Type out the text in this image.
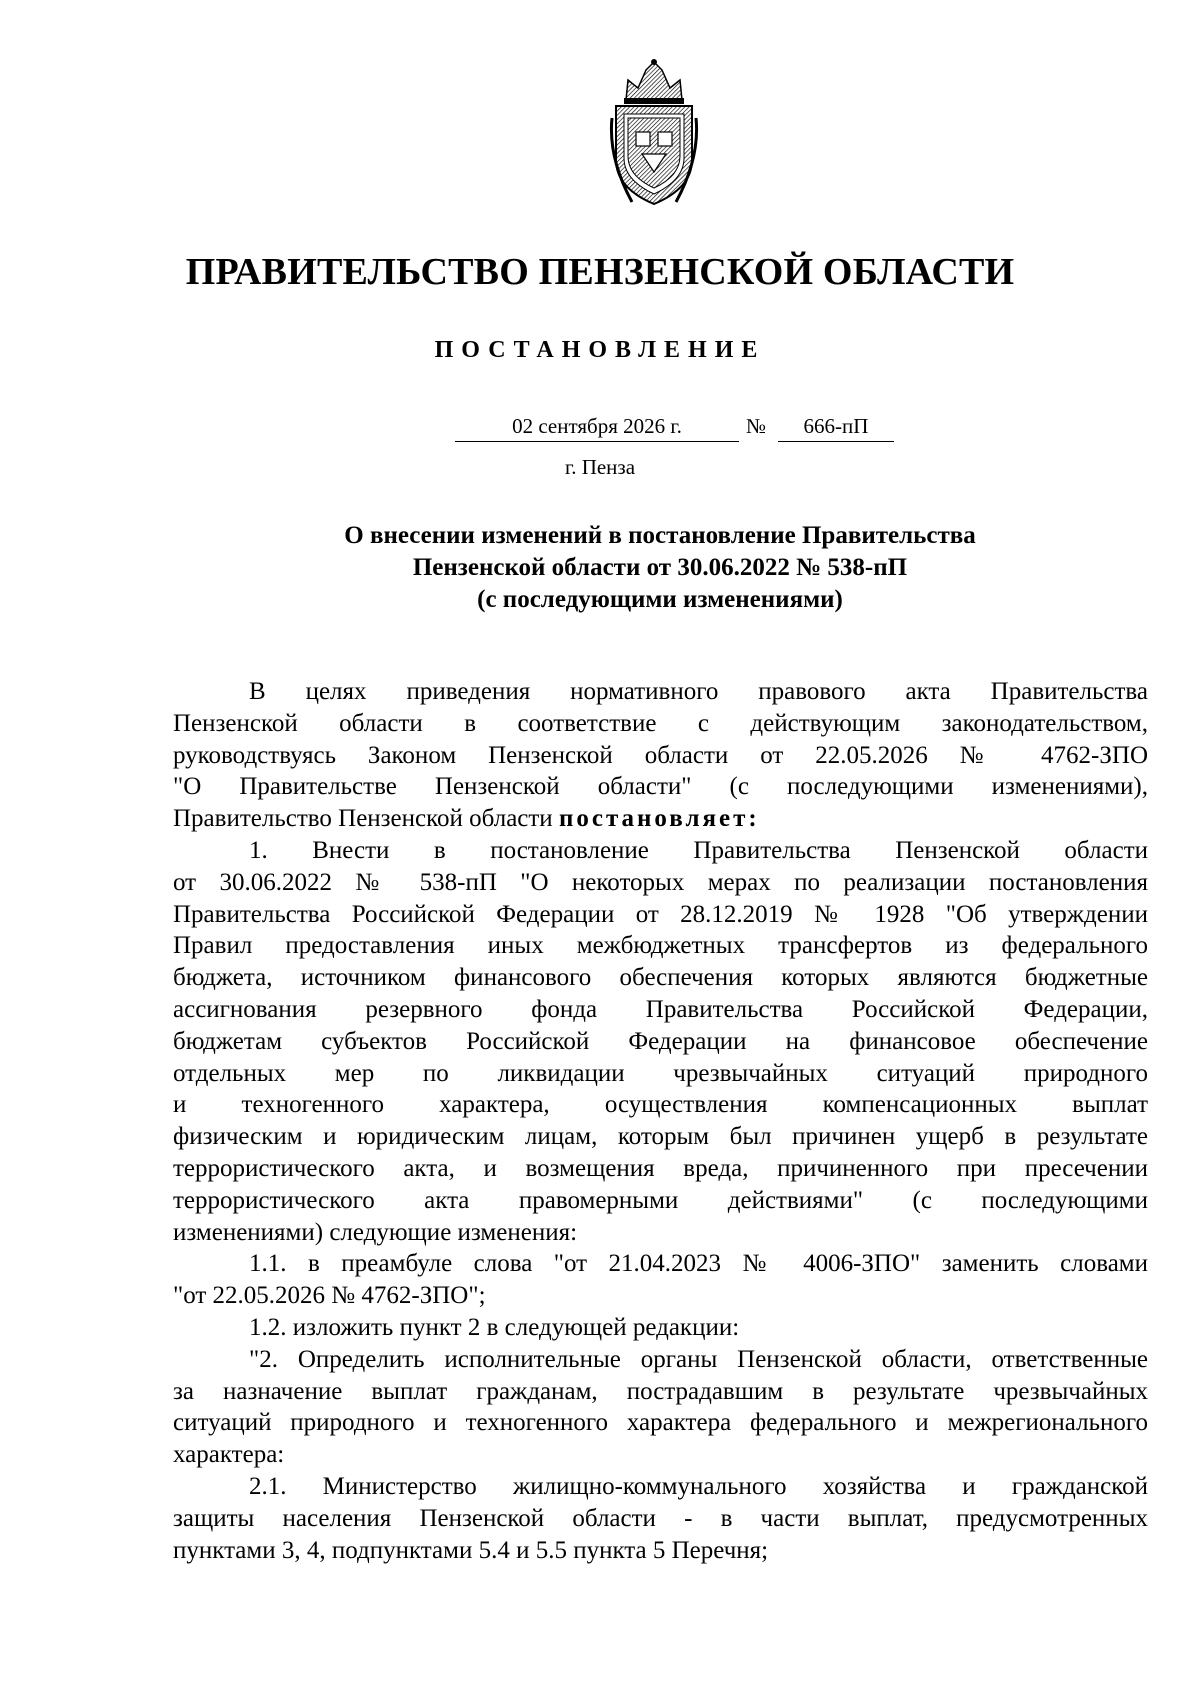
ПРАВИТЕЛЬСТВО ПЕНЗЕНСКОЙ ОБЛАСТИ
ПОСТАНОВЛЕНИЕ
02 сентября 2026 г.	№	666-пП
г. Пенза
О внесении изменений в постановление Правительства
Пензенской области от 30.06.2022 № 538-пП
(с последующими изменениями)

В целях приведения нормативного правового акта Правительства

Пензенской области в соответствие с действующим законодательством,

руководствуясь Законом Пензенской области от 22.05.2026 № 4762-ЗПО

"О Правительстве Пензенской области" (с последующими изменениями),

Правительство Пензенской области постановляет:

1. Внести в постановление Правительства Пензенской области

от 30.06.2022 № 538-пП "О некоторых мерах по реализации постановления

Правительства Российской Федерации от 28.12.2019 № 1928 "Об утверждении

Правил предоставления иных межбюджетных трансфертов из федерального

бюджета, источником финансового обеспечения которых являются бюджетные

ассигнования резервного фонда Правительства Российской Федерации,

бюджетам субъектов Российской Федерации на финансовое обеспечение

отдельных мер по ликвидации чрезвычайных ситуаций природного

и техногенного характера, осуществления компенсационных выплат

физическим и юридическим лицам, которым был причинен ущерб в результате

террористического акта, и возмещения вреда, причиненного при пресечении

террористического акта правомерными действиями" (с последующими

изменениями) следующие изменения:

1.1. в преамбуле слова "от 21.04.2023 № 4006-ЗПО" заменить словами

"от 22.05.2026 № 4762-ЗПО";

1.2. изложить пункт 2 в следующей редакции:

"2. Определить исполнительные органы Пензенской области, ответственные

за назначение выплат гражданам, пострадавшим в результате чрезвычайных

ситуаций природного и техногенного характера федерального и межрегионального

характера:

2.1. Министерство жилищно-коммунального хозяйства и гражданской

защиты населения Пензенской области - в части выплат, предусмотренных

пунктами 3, 4, подпунктами 5.4 и 5.5 пункта 5 Перечня;
